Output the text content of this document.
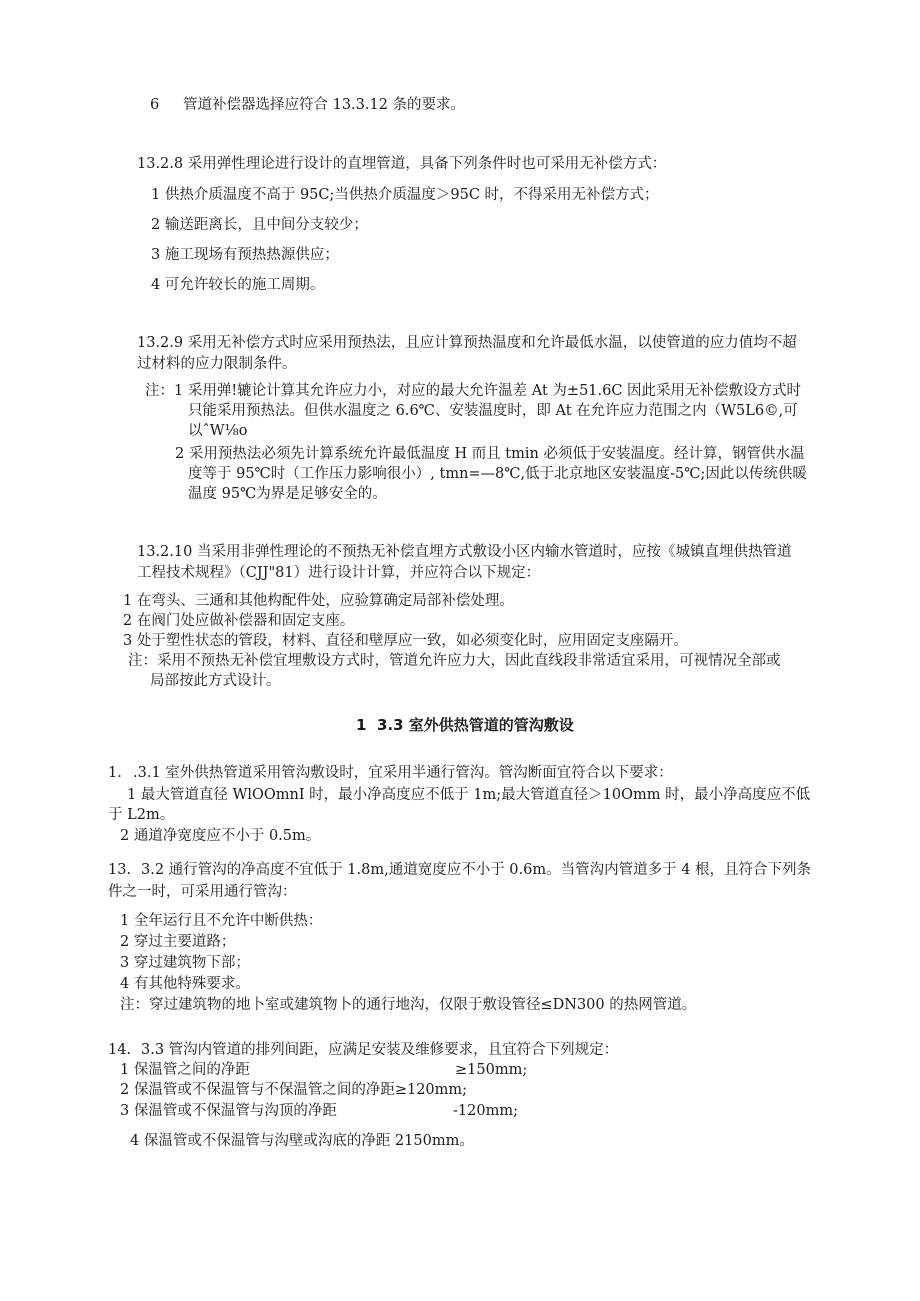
6 管道补偿器选择应符合 13.3.12 条的要求。
13.2.8 采用弹性理论进行设计的直埋管道，具备下列条件时也可采用无补偿方式：
1 供热介质温度不高于 95C;当供热介质温度＞95C 时，不得采用无补偿方式；
2 输送距离长，且中间分支较少；
3 施工现场有预热热源供应；
4 可允许较长的施工周期。
13.2.9 采用无补偿方式时应采用预热法，且应计算预热温度和允许最低水温，以使管道的应力值均不超
过材料的应力限制条件。
注：1 采用弹!辘论计算其允许应力小，对应的最大允许温差 At 为±51.6C 因此采用无补偿敷设方式时
只能采用预热法。但供水温度之 6.6℃、安装温度时，即 At 在允许应力范围之内（W5L6©,可
以ˆW⅛o
2 采用预热法必须先计算系统允许最低温度 H 而且 tmin 必须低于安装温度。经计算，钢管供水温
度等于 95℃时（工作压力影响很小）, tmn=—8℃,低于北京地区安装温度-5℃;因此以传统供暖
温度 95℃为界是足够安全的。
13.2.10 当采用非弹性理论的不预热无补偿直埋方式敷设小区内输水管道时，应按《城镇直埋供热管道
工程技术规程》（CJJ"81）进行设计计算，并应符合以下规定：
1 在弯头、三通和其他构配件处，应验算确定局部补偿处理。
2 在阀门处应做补偿器和固定支座。
3 处于塑性状态的管段，材料、直径和壁厚应一致，如必须变化时，应用固定支座隔开。
注：采用不预热无补偿宜埋敷设方式时，管道允许应力大，因此直线段非常适宜采用，可视情况全部或
局部按此方式设计。
1 3.3 室外供热管道的管沟敷设
1. .3.1 室外供热管道采用管沟敷设时，宜采用半通行管沟。管沟断面宜符合以下要求：
1 最大管道直径 WlOOmnI 时，最小净高度应不低于 1m;最大管道直径＞10Omm 时，最小净高度应不低
于 L2m。
2 通道净宽度应不小于 0.5m。
13. 3.2 通行管沟的净高度不宜低于 1.8m,通道宽度应不小于 0.6m。当管沟内管道多于 4 根，且符合下列条
件之一时，可采用通行管沟：
1 全年运行且不允许中断供热：
2 穿过主要道路；
3 穿过建筑物下部；
4 有其他特殊要求。
注：穿过建筑物的地卜室或建筑物卜的通行地沟，仅限于敷设管径≤DN300 的热网管道。
14. 3.3 管沟内管道的排列间距，应满足安装及维修要求，且宜符合下列规定：
1 保温管之间的净距	≥150mm;
2 保温管或不保温管与不保温管之间的净距≥120mm;
3 保温管或不保温管与沟顶的净距	-120mm;
4 保温管或不保温管与沟壁或沟底的净距 2150mm。
